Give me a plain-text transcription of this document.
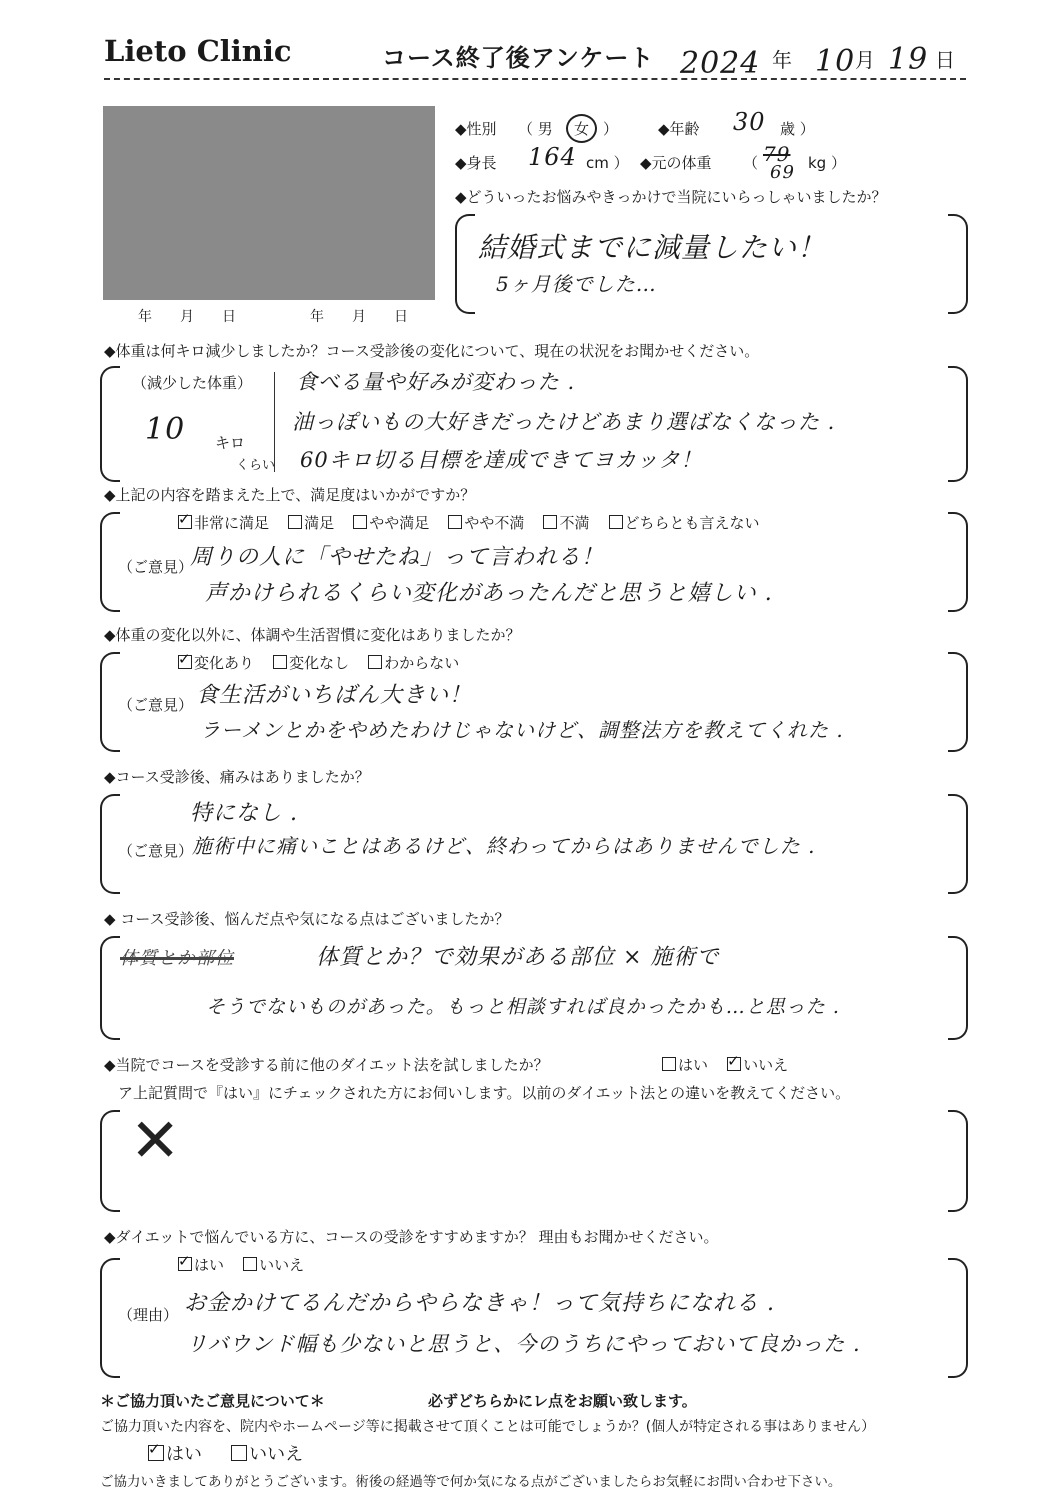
Lieto Clinic	コース終了後アンケート 2024 年 10 月 19 日
年　　月　　日	年　　月　　日
◆性別 （ 男	女 ）	◆年齢 30 歳 ）
◆身長 164 cm ） ◆元の体重 （ 79
69 kg ）
◆どういったお悩みやきっかけで当院にいらっしゃいましたか？
結婚式までに減量したい！
5ヶ月後でした…
◆体重は何キロ減少しましたか？コース受診後の変化について、現在の状況をお聞かせください。
（減少した体重）
10 キロ
くらい
食べる量や好みが変わった .
油っぽいもの大好きだったけどあまり選ばなくなった .
60キロ切る目標を達成できてヨカッタ！
◆上記の内容を踏まえた上で、満足度はいかがですか？
✓非常に満足 満足 やや満足 やや不満 不満 どちらとも言えない
（ご意見）
周りの人に「やせたね」って言われる！
声かけられるくらい変化があったんだと思うと嬉しい .
◆体重の変化以外に、体調や生活習慣に変化はありましたか？
✓変化あり 変化なし わからない
（ご意見） 食生活がいちばん大きい！
ラーメンとかをやめたわけじゃないけど、調整法方を教えてくれた .
◆コース受診後、痛みはありましたか？
特になし .
（ご意見）
施術中に痛いことはあるけど、終わってからはありませんでした .
◆ コース受診後、悩んだ点や気になる点はございましたか？
体質とか部位	体質とか？で効果がある部位 × 施術で
そうでないものがあった。もっと相談すれば良かったかも…と思った .
◆当院でコースを受診する前に他のダイエット法を試しましたか？	はい ✓ いいえ
ア上記質問で『はい』にチェックされた方にお伺いします。以前のダイエット法との違いを教えてください。
✕
◆ダイエットで悩んでいる方に、コースの受診をすすめますか？ 理由もお聞かせください。
✓はい いいえ
（理由） お金かけてるんだからやらなきゃ！って気持ちになれる .
リバウンド幅も少ないと思うと、今のうちにやっておいて良かった .
＊ご協力頂いたご意見について＊	必ずどちらかにレ点をお願い致します。
ご協力頂いた内容を、院内やホームページ等に掲載させて頂くことは可能でしょうか？(個人が特定される事はありません）
✓はい	いいえ
ご協力いきましてありがとうございます。術後の経過等で何か気になる点がございましたらお気軽にお問い合わせ下さい。
